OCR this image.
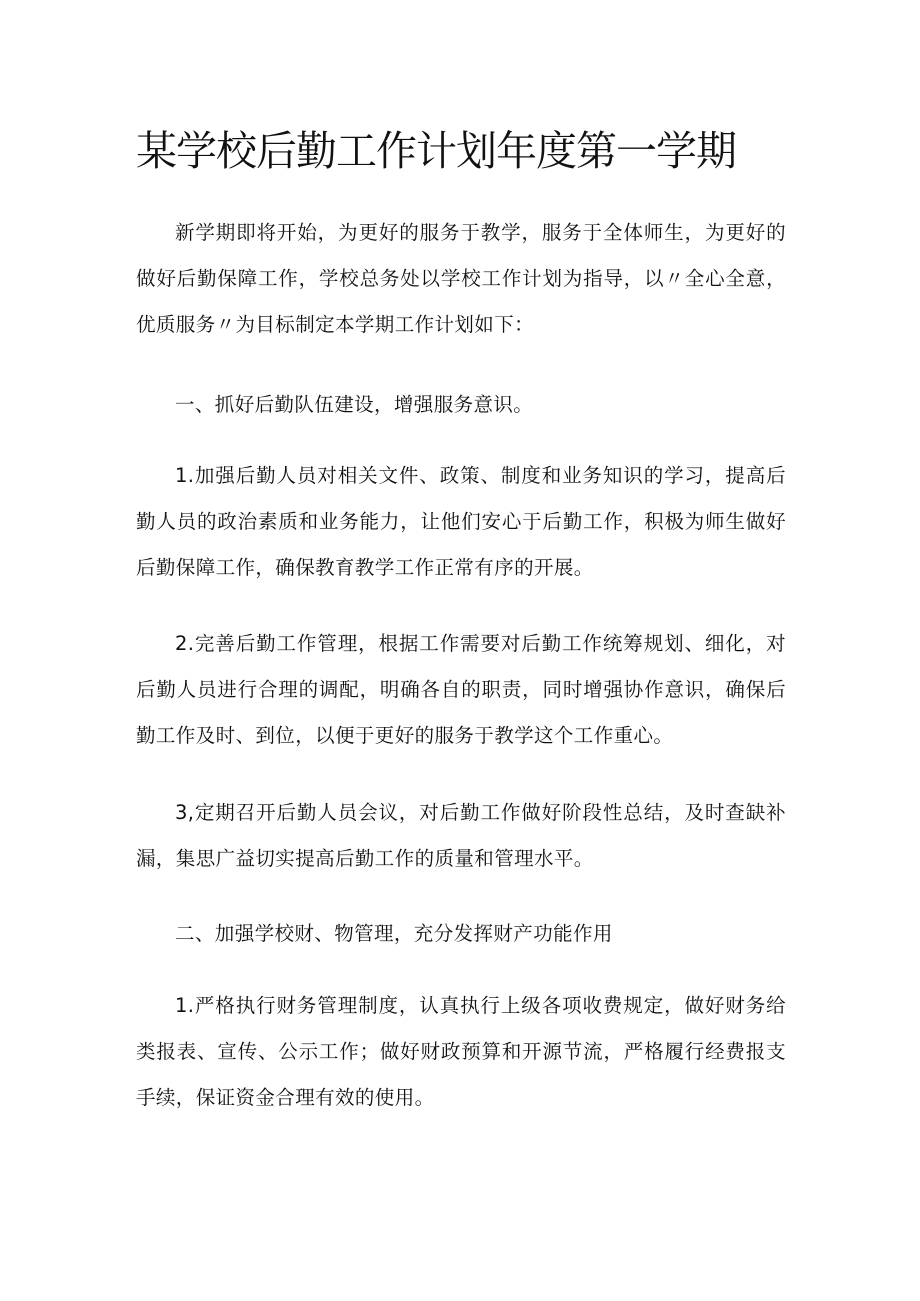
某学校后勤工作计划年度第一学期

新学期即将开始，为更好的服务于教学，服务于全体师生，为更好的做好后勤保障工作，学校总务处以学校工作计划为指导，以〃全心全意，优质服务〃为目标制定本学期工作计划如下：

一、抓好后勤队伍建设，增强服务意识。

1.加强后勤人员对相关文件、政策、制度和业务知识的学习，提高后勤人员的政治素质和业务能力，让他们安心于后勤工作，积极为师生做好后勤保障工作，确保教育教学工作正常有序的开展。

2.完善后勤工作管理，根据工作需要对后勤工作统筹规划、细化，对后勤人员进行合理的调配，明确各自的职责，同时增强协作意识，确保后勤工作及时、到位，以便于更好的服务于教学这个工作重心。

3,定期召开后勤人员会议，对后勤工作做好阶段性总结，及时查缺补漏，集思广益切实提高后勤工作的质量和管理水平。

二、加强学校财、物管理，充分发挥财产功能作用

1.严格执行财务管理制度，认真执行上级各项收费规定，做好财务给类报表、宣传、公示工作；做好财政预算和开源节流，严格履行经费报支手续，保证资金合理有效的使用。
